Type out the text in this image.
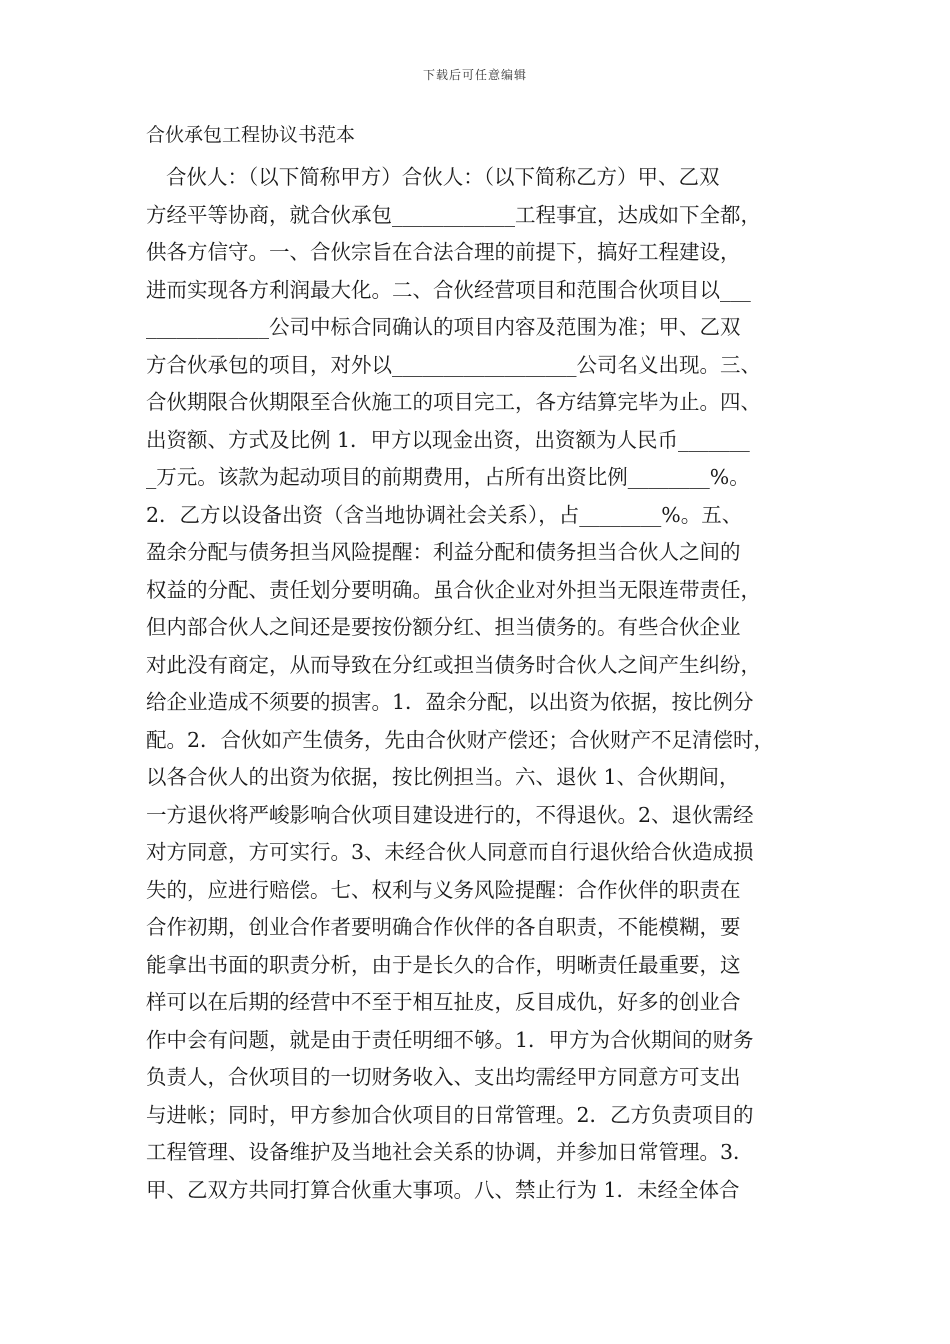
下载后可任意编辑
合伙承包工程协议书范本
合伙人：（以下简称甲方）合伙人：（以下简称乙方）甲、乙双
方经平等协商，就合伙承包____________工程事宜，达成如下全都，
供各方信守。一、合伙宗旨在合法合理的前提下，搞好工程建设，
进而实现各方利润最大化。二、合伙经营项目和范围合伙项目以___
____________公司中标合同确认的项目内容及范围为准；甲、乙双
方合伙承包的项目，对外以__________________公司名义出现。三、
合伙期限合伙期限至合伙施工的项目完工，各方结算完毕为止。四、
出资额、方式及比例 1．甲方以现金出资，出资额为人民币_______
_万元。该款为起动项目的前期费用，占所有出资比例________%。
2．乙方以设备出资（含当地协调社会关系），占________%。五、
盈余分配与债务担当风险提醒：利益分配和债务担当合伙人之间的
权益的分配、责任划分要明确。虽合伙企业对外担当无限连带责任，
但内部合伙人之间还是要按份额分红、担当债务的。有些合伙企业
对此没有商定，从而导致在分红或担当债务时合伙人之间产生纠纷，
给企业造成不须要的损害。1．盈余分配，以出资为依据，按比例分
配。2．合伙如产生债务，先由合伙财产偿还；合伙财产不足清偿时，
以各合伙人的出资为依据，按比例担当。六、退伙 1、合伙期间，
一方退伙将严峻影响合伙项目建设进行的，不得退伙。2、退伙需经
对方同意，方可实行。3、未经合伙人同意而自行退伙给合伙造成损
失的，应进行赔偿。七、权利与义务风险提醒：合作伙伴的职责在
合作初期，创业合作者要明确合作伙伴的各自职责，不能模糊，要
能拿出书面的职责分析，由于是长久的合作，明晰责任最重要，这
样可以在后期的经营中不至于相互扯皮，反目成仇，好多的创业合
作中会有问题，就是由于责任明细不够。1．甲方为合伙期间的财务
负责人，合伙项目的一切财务收入、支出均需经甲方同意方可支出
与进帐；同时，甲方参加合伙项目的日常管理。2．乙方负责项目的
工程管理、设备维护及当地社会关系的协调，并参加日常管理。3．
甲、乙双方共同打算合伙重大事项。八、禁止行为 1．未经全体合
